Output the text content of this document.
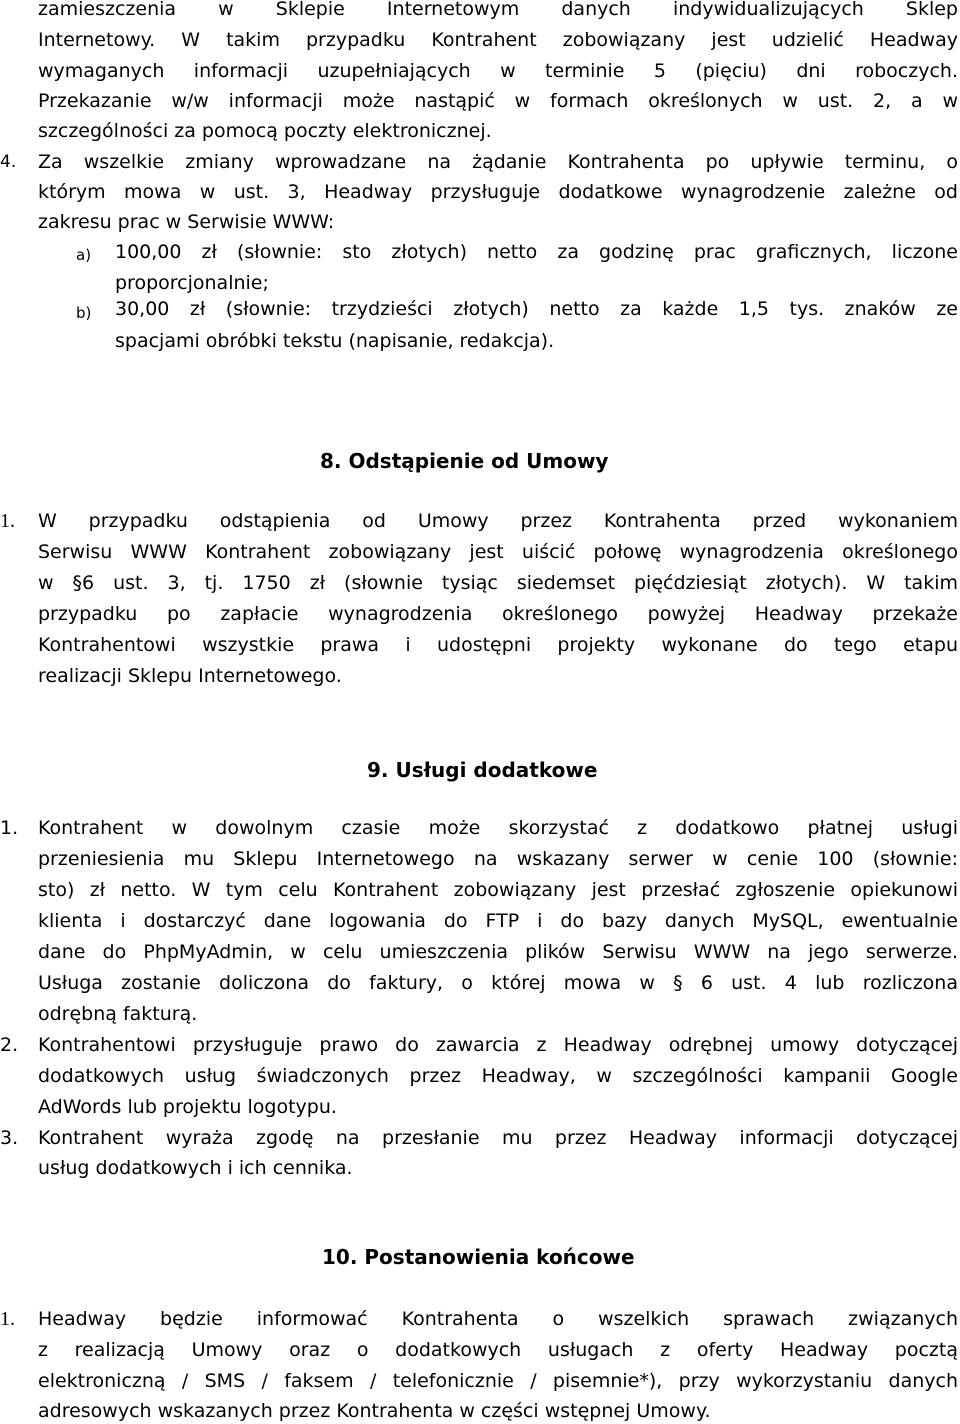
zamieszczenia w Sklepie Internetowym danych indywidualizujących Sklep
Internetowy. W takim przypadku Kontrahent zobowiązany jest udzielić Headway
wymaganych informacji uzupełniających w terminie 5 (pięciu) dni roboczych.
Przekazanie w/w informacji może nastąpić w formach określonych w ust. 2, a w
szczególności za pomocą poczty elektronicznej.
4. Za wszelkie zmiany wprowadzane na żądanie Kontrahenta po upływie terminu, o
którym mowa w ust. 3, Headway przysługuje dodatkowe wynagrodzenie zależne od
zakresu prac w Serwisie WWW:
a) 100,00 zł (słownie: sto złotych) netto za godzinę prac graficznych, liczone
proporcjonalnie;
b) 30,00 zł (słownie: trzydzieści złotych) netto za każde 1,5 tys. znaków ze
spacjami obróbki tekstu (napisanie, redakcja).
8. Odstąpienie od Umowy
1. W przypadku odstąpienia od Umowy przez Kontrahenta przed wykonaniem
Serwisu WWW Kontrahent zobowiązany jest uiścić połowę wynagrodzenia określonego
w §6 ust. 3, tj. 1750 zł (słownie tysiąc siedemset pięćdziesiąt złotych). W takim
przypadku po zapłacie wynagrodzenia określonego powyżej Headway przekaże
Kontrahentowi wszystkie prawa i udostępni projekty wykonane do tego etapu
realizacji Sklepu Internetowego.
9. Usługi dodatkowe
1. Kontrahent w dowolnym czasie może skorzystać z dodatkowo płatnej usługi
przeniesienia mu Sklepu Internetowego na wskazany serwer w cenie 100 (słownie:
sto) zł netto. W tym celu Kontrahent zobowiązany jest przesłać zgłoszenie opiekunowi
klienta i dostarczyć dane logowania do FTP i do bazy danych MySQL, ewentualnie
dane do PhpMyAdmin, w celu umieszczenia plików Serwisu WWW na jego serwerze.
Usługa zostanie doliczona do faktury, o której mowa w § 6 ust. 4 lub rozliczona
odrębną fakturą.
2. Kontrahentowi przysługuje prawo do zawarcia z Headway odrębnej umowy dotyczącej
dodatkowych usług świadczonych przez Headway, w szczególności kampanii Google
AdWords lub projektu logotypu.
3. Kontrahent wyraża zgodę na przesłanie mu przez Headway informacji dotyczącej
usług dodatkowych i ich cennika.
10. Postanowienia końcowe
1. Headway będzie informować Kontrahenta o wszelkich sprawach związanych
z realizacją Umowy oraz o dodatkowych usługach z oferty Headway pocztą
elektroniczną / SMS / faksem / telefonicznie / pisemnie*), przy wykorzystaniu danych
adresowych wskazanych przez Kontrahenta w części wstępnej Umowy.
